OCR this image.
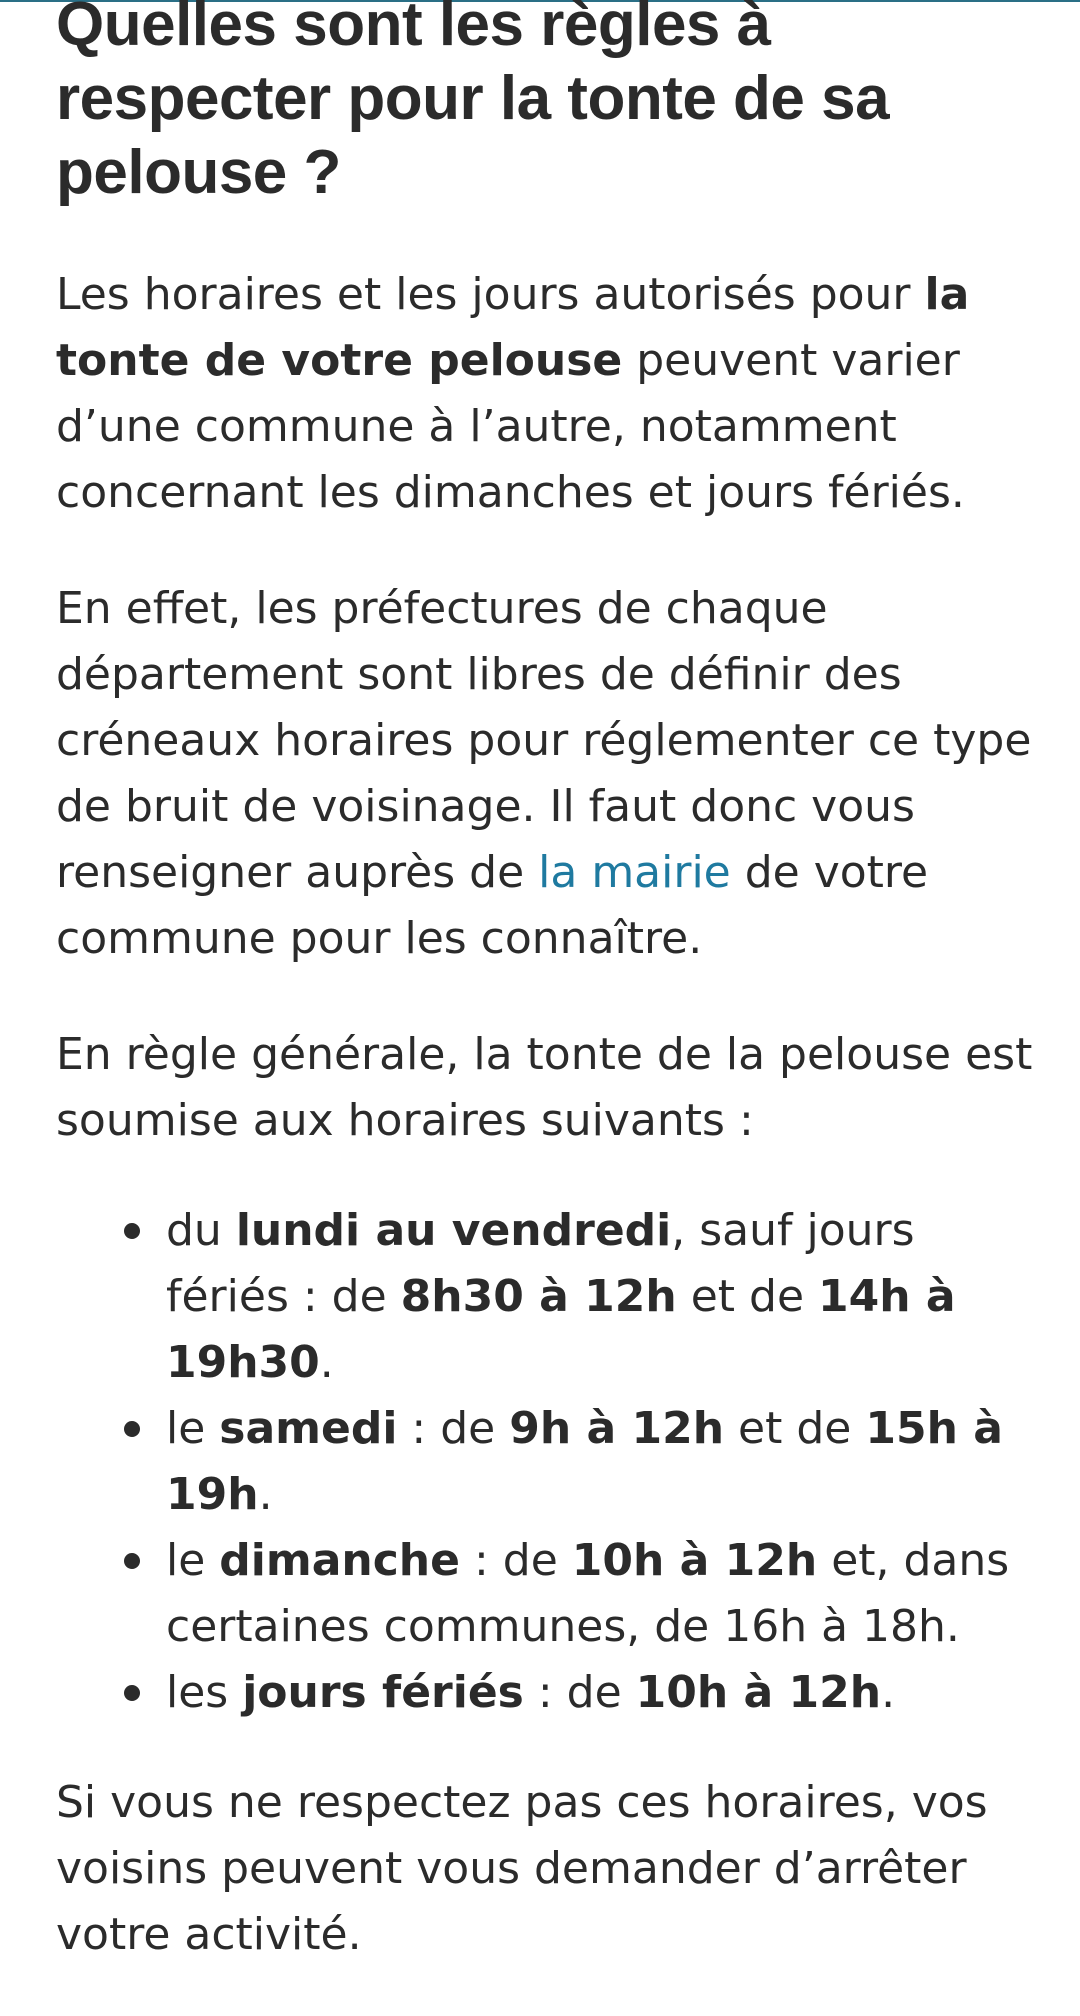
Quelles sont les règles à respecter pour la tonte de sa pelouse ?

Les horaires et les jours autorisés pour la tonte de votre pelouse peuvent varier d’une commune à l’autre, notamment concernant les dimanches et jours fériés.

En effet, les préfectures de chaque département sont libres de définir des créneaux horaires pour réglementer ce type de bruit de voisinage. Il faut donc vous renseigner auprès de la mairie de votre commune pour les connaître.

En règle générale, la tonte de la pelouse est soumise aux horaires suivants :

du lundi au vendredi, sauf jours fériés : de 8h30 à 12h et de 14h à 19h30.
le samedi : de 9h à 12h et de 15h à 19h.
le dimanche : de 10h à 12h et, dans certaines communes, de 16h à 18h.
les jours fériés : de 10h à 12h.

Si vous ne respectez pas ces horaires, vos voisins peuvent vous demander d’arrêter votre activité.
